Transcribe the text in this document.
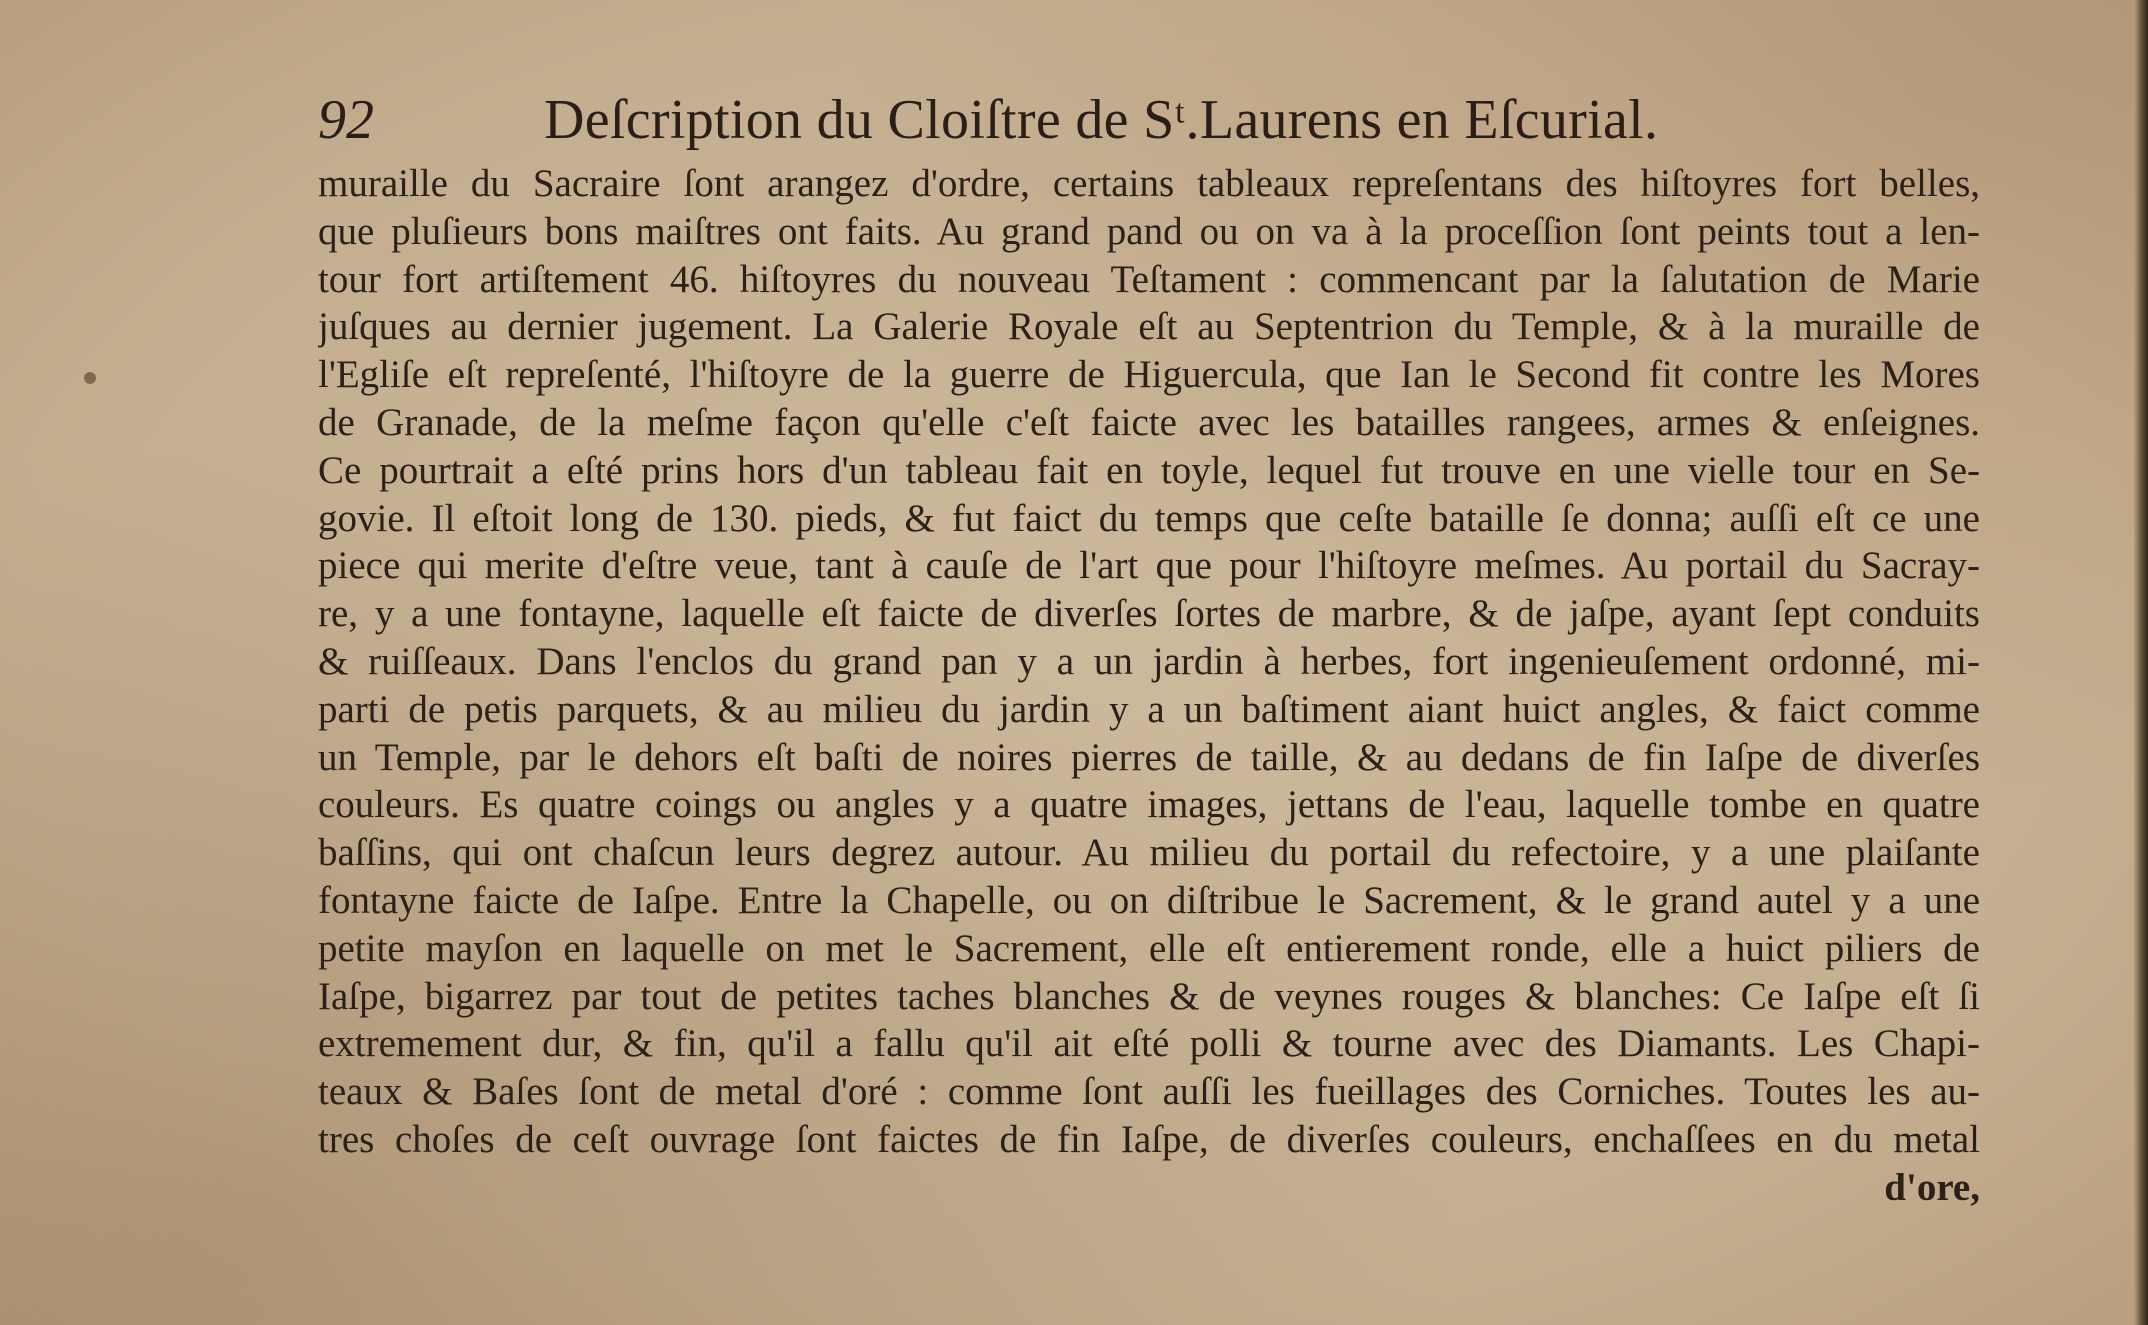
92	Deſcription du Cloiſtre de Sᵗ.Laurens en Eſcurial.
muraille du Sacraire ſont arangez d'ordre, certains tableaux repreſentans des hiſtoyres fort belles,
que pluſieurs bons maiſtres ont faits. Au grand pand ou on va à la proceſſion ſont peints tout a len-
tour fort artiſtement 46. hiſtoyres du nouveau Teſtament : commencant par la ſalutation de Marie
juſques au dernier jugement. La Galerie Royale eſt au Septentrion du Temple, & à la muraille de
l'Egliſe eſt repreſenté, l'hiſtoyre de la guerre de Higuercula, que Ian le Second fit contre les Mores
de Granade, de la meſme façon qu'elle c'eſt faicte avec les batailles rangees, armes & enſeignes.
Ce pourtrait a eſté prins hors d'un tableau fait en toyle, lequel fut trouve en une vielle tour en Se-
govie. Il eſtoit long de 130. pieds, & fut faict du temps que ceſte bataille ſe donna; auſſi eſt ce une
piece qui merite d'eſtre veue, tant à cauſe de l'art que pour l'hiſtoyre meſmes. Au portail du Sacray-
re, y a une fontayne, laquelle eſt faicte de diverſes ſortes de marbre, & de jaſpe, ayant ſept conduits
& ruiſſeaux. Dans l'enclos du grand pan y a un jardin à herbes, fort ingenieuſement ordonné, mi-
parti de petis parquets, & au milieu du jardin y a un baſtiment aiant huict angles, & faict comme
un Temple, par le dehors eſt baſti de noires pierres de taille, & au dedans de fin Iaſpe de diverſes
couleurs. Es quatre coings ou angles y a quatre images, jettans de l'eau, laquelle tombe en quatre
baſſins, qui ont chaſcun leurs degrez autour. Au milieu du portail du refectoire, y a une plaiſante
fontayne faicte de Iaſpe. Entre la Chapelle, ou on diſtribue le Sacrement, & le grand autel y a une
petite mayſon en laquelle on met le Sacrement, elle eſt entierement ronde, elle a huict piliers de
Iaſpe, bigarrez par tout de petites taches blanches & de veynes rouges & blanches: Ce Iaſpe eſt ſi
extremement dur, & fin, qu'il a fallu qu'il ait eſté polli & tourne avec des Diamants. Les Chapi-
teaux & Baſes ſont de metal d'oré : comme ſont auſſi les fueillages des Corniches. Toutes les au-
tres choſes de ceſt ouvrage ſont faictes de fin Iaſpe, de diverſes couleurs, enchaſſees en du metal
d'ore,
